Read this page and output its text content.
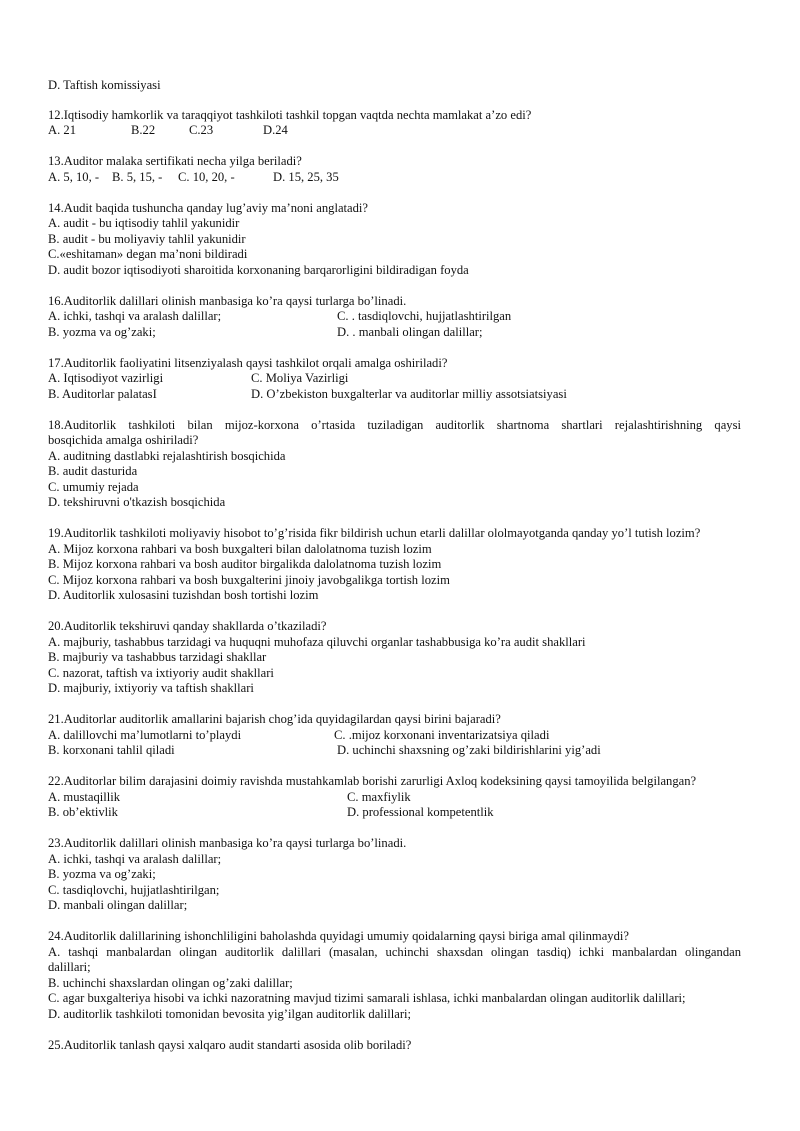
D. Taftish komissiyasi
12.Iqtisodiy hamkorlik va taraqqiyot tashkiloti tashkil topgan vaqtda nechta mamlakat a’zo edi?
A. 21	B.22	C.23	D.24
13.Auditor malaka sertifikati necha yilga beriladi?
A. 5, 10, - B. 5, 15, - C. 10, 20, -	D. 15, 25, 35
14.Audit baqida tushuncha qanday lug’aviy ma’noni anglatadi?
A. audit - bu iqtisodiy tahlil yakunidir
B. audit - bu moliyaviy tahlil yakunidir
C.«eshitaman» degan ma’noni bildiradi
D. audit bozor iqtisodiyoti sharoitida korxonaning barqarorligini bildiradigan foyda
16.Auditorlik dalillari olinish manbasiga ko’ra qaysi turlarga bo’linadi.
A. ichki, tashqi va aralash dalillar;	C. . tasdiqlovchi, hujjatlashtirilgan
B. yozma va og’zaki;	D. . manbali olingan dalillar;
17.Auditorlik faoliyatini litsenziyalash qaysi tashkilot orqali amalga oshiriladi?
A. Iqtisodiyot vazirligi	C. Moliya Vazirligi
B. Auditorlar palatasI	D. O’zbekiston buxgalterlar va auditorlar milliy assotsiatsiyasi
18.Auditorlik tashkiloti bilan mijoz-korxona o’rtasida tuziladigan auditorlik shartnoma shartlari rejalashtirishning qaysi
bosqichida amalga oshiriladi?
A. auditning dastlabki rejalashtirish bosqichida
B. audit dasturida
C. umumiy rejada
D. tekshiruvni o'tkazish bosqichida
19.Auditorlik tashkiloti moliyaviy hisobot to’g’risida fikr bildirish uchun etarli dalillar ololmayotganda qanday yo’l tutish lozim?
A. Mijoz korxona rahbari va bosh buxgalteri bilan dalolatnoma tuzish lozim
B. Mijoz korxona rahbari va bosh auditor birgalikda dalolatnoma tuzish lozim
C. Mijoz korxona rahbari va bosh buxgalterini jinoiy javobgalikga tortish lozim
D. Auditorlik xulosasini tuzishdan bosh tortishi lozim
20.Auditorlik tekshiruvi qanday shakllarda o’tkaziladi?
A. majburiy, tashabbus tarzidagi va huquqni muhofaza qiluvchi organlar tashabbusiga ko’ra audit shakllari
B. majburiy va tashabbus tarzidagi shakllar
C. nazorat, taftish va ixtiyoriy audit shakllari
D. majburiy, ixtiyoriy va taftish shakllari
21.Auditorlar auditorlik amallarini bajarish chog’ida quyidagilardan qaysi birini bajaradi?
A. dalillovchi ma’lumotlarni to’playdi	C. .mijoz korxonani inventarizatsiya qiladi
B. korxonani tahlil qiladi	D. uchinchi shaxsning og’zaki bildirishlarini yig’adi
22.Auditorlar bilim darajasini doimiy ravishda mustahkamlab borishi zarurligi Axloq kodeksining qaysi tamoyilida belgilangan?
A. mustaqillik	C. maxfiylik
B. ob’ektivlik	D. professional kompetentlik
23.Auditorlik dalillari olinish manbasiga ko’ra qaysi turlarga bo’linadi.
A. ichki, tashqi va aralash dalillar;
B. yozma va og’zaki;
C. tasdiqlovchi, hujjatlashtirilgan;
D. manbali olingan dalillar;
24.Auditorlik dalillarining ishonchliligini baholashda quyidagi umumiy qoidalarning qaysi biriga amal qilinmaydi?
A. tashqi manbalardan olingan auditorlik dalillari (masalan, uchinchi shaxsdan olingan tasdiq) ichki manbalardan olingandan
dalillari;
B. uchinchi shaxslardan olingan og’zaki dalillar;
C. agar buxgalteriya hisobi va ichki nazoratning mavjud tizimi samarali ishlasa, ichki manbalardan olingan auditorlik dalillari;
D. auditorlik tashkiloti tomonidan bevosita yig’ilgan auditorlik dalillari;
25.Auditorlik tanlash qaysi xalqaro audit standarti asosida olib boriladi?
